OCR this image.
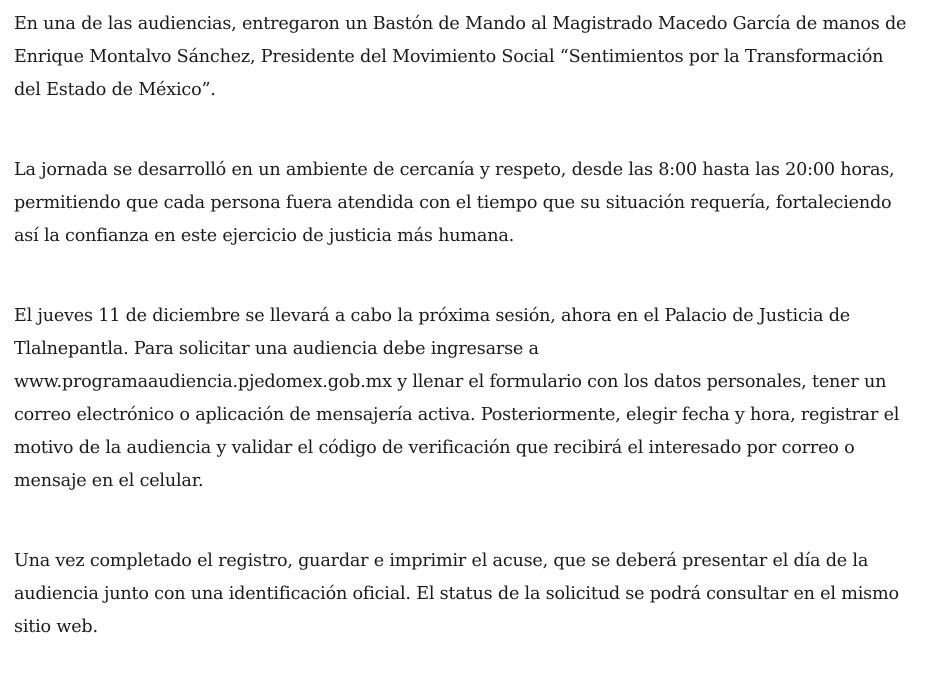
En una de las audiencias, entregaron un Bastón de Mando al Magistrado Macedo García de manos de Enrique Montalvo Sánchez, Presidente del Movimiento Social “Sentimientos por la Transformación del Estado de México”.

La jornada se desarrolló en un ambiente de cercanía y respeto, desde las 8:00 hasta las 20:00 horas, permitiendo que cada persona fuera atendida con el tiempo que su situación requería, fortaleciendo así la confianza en este ejercicio de justicia más humana.

El jueves 11 de diciembre se llevará a cabo la próxima sesión, ahora en el Palacio de Justicia de Tlalnepantla. Para solicitar una audiencia debe ingresarse a www.programaaudiencia.pjedomex.gob.mx y llenar el formulario con los datos personales, tener un correo electrónico o aplicación de mensajería activa. Posteriormente, elegir fecha y hora, registrar el motivo de la audiencia y validar el código de verificación que recibirá el interesado por correo o mensaje en el celular.

Una vez completado el registro, guardar e imprimir el acuse, que se deberá presentar el día de la audiencia junto con una identificación oficial. El status de la solicitud se podrá consultar en el mismo sitio web.
